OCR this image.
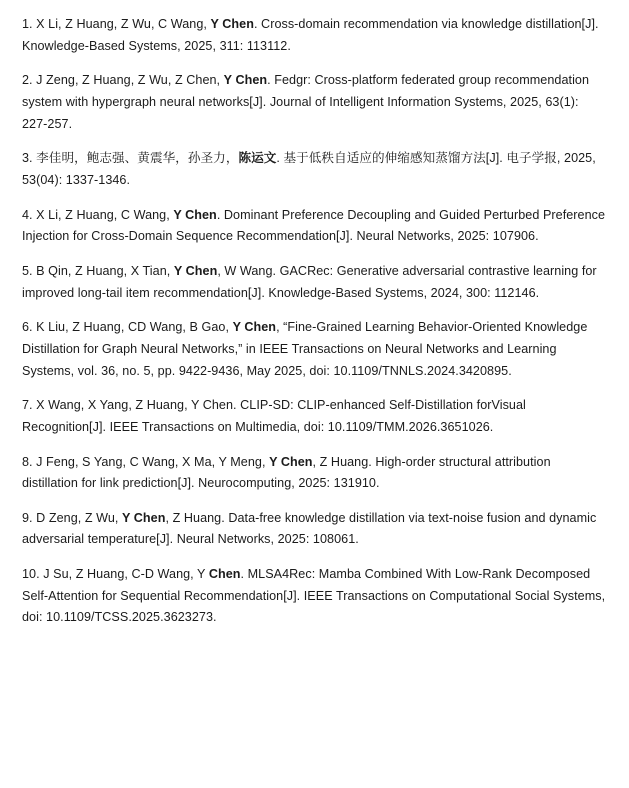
1. X Li, Z Huang, Z Wu, C Wang, Y Chen. Cross-domain recommendation via knowledge distillation[J]. Knowledge-Based Systems, 2025, 311: 113112.

2. J Zeng, Z Huang, Z Wu, Z Chen, Y Chen. Fedgr: Cross-platform federated group recommendation system with hypergraph neural networks[J]. Journal of Intelligent Information Systems, 2025, 63(1): 227-257.

3. 李佳明，鲍志强、黄震华，孙圣力，陈运文. 基于低秩自适应的伸缩感知蒸馏方法[J]. 电子学报, 2025, 53(04): 1337-1346.

4. X Li, Z Huang, C Wang, Y Chen. Dominant Preference Decoupling and Guided Perturbed Preference Injection for Cross-Domain Sequence Recommendation[J]. Neural Networks, 2025: 107906.

5. B Qin, Z Huang, X Tian, Y Chen, W Wang. GACRec: Generative adversarial contrastive learning for improved long-tail item recommendation[J]. Knowledge-Based Systems, 2024, 300: 112146.

6. K Liu, Z Huang, CD Wang, B Gao, Y Chen, “Fine-Grained Learning Behavior-Oriented Knowledge Distillation for Graph Neural Networks,” in IEEE Transactions on Neural Networks and Learning Systems, vol. 36, no. 5, pp. 9422-9436, May 2025, doi: 10.1109/TNNLS.2024.3420895.

7. X Wang, X Yang, Z Huang, Y Chen. CLIP-SD: CLIP-enhanced Self-Distillation forVisual Recognition[J]. IEEE Transactions on Multimedia, doi: 10.1109/TMM.2026.3651026.

8. J Feng, S Yang, C Wang, X Ma, Y Meng, Y Chen, Z Huang. High-order structural attribution distillation for link prediction[J]. Neurocomputing, 2025: 131910.

9. D Zeng, Z Wu, Y Chen, Z Huang. Data-free knowledge distillation via text-noise fusion and dynamic adversarial temperature[J]. Neural Networks, 2025: 108061.

10. J Su, Z Huang, C-D Wang, Y Chen. MLSA4Rec: Mamba Combined With Low-Rank Decomposed Self-Attention for Sequential Recommendation[J]. IEEE Transactions on Computational Social Systems, doi: 10.1109/TCSS.2025.3623273.
